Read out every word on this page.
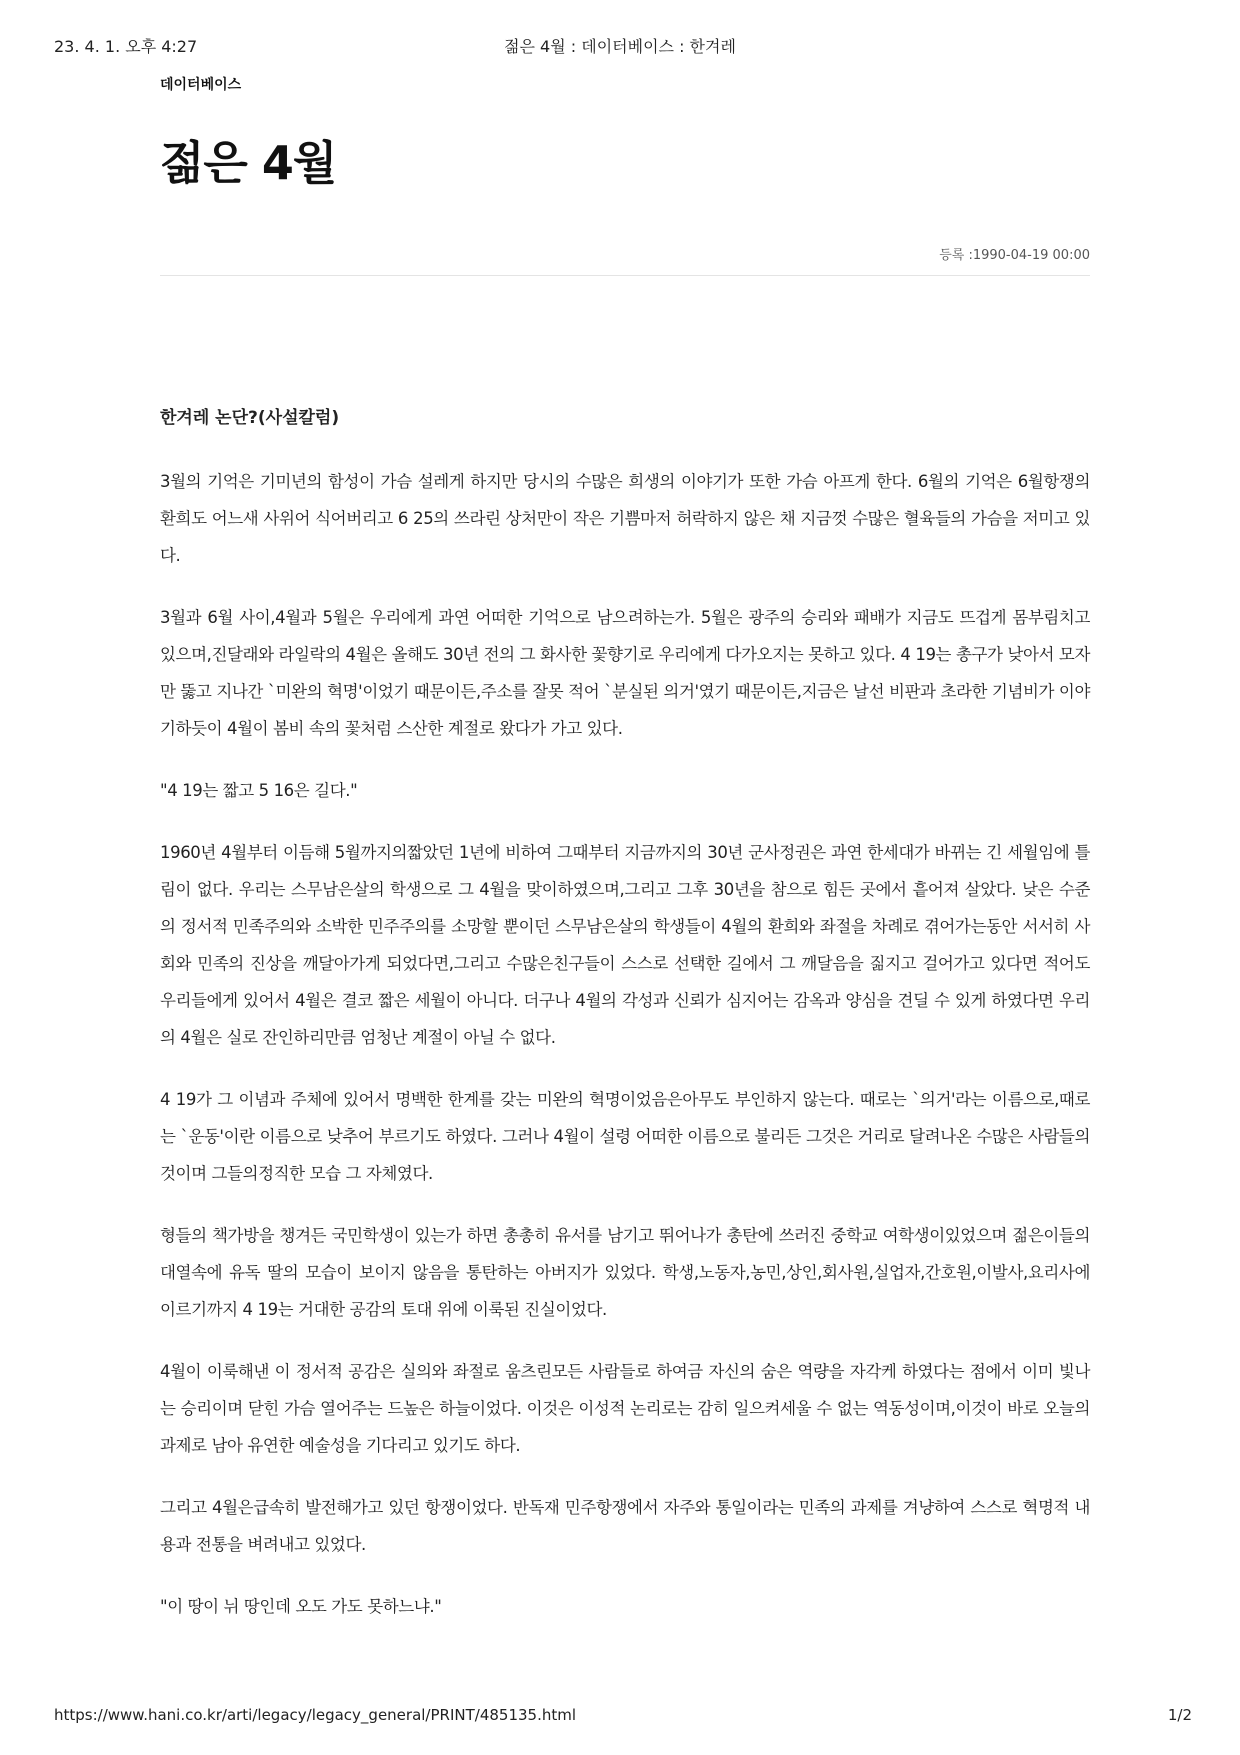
23. 4. 1. 오후 4:27	젊은 4월 : 데이터베이스 : 한겨레
데이터베이스
젊은 4월
등록 :1990-04-19 00:00

한겨레 논단?(사설칼럼)

3월의 기억은 기미년의 함성이 가슴 설레게 하지만 당시의 수많은 희생의 이야기가 또한 가슴 아프게 한다. 6월의 기억은 6월항쟁의 환희도 어느새 사위어 식어버리고 6 25의 쓰라린 상처만이 작은 기쁨마저 허락하지 않은 채 지금껏 수많은 혈육들의 가슴을 저미고 있다.

3월과 6월 사이,4월과 5월은 우리에게 과연 어떠한 기억으로 남으려하는가. 5월은 광주의 승리와 패배가 지금도 뜨겁게 몸부림치고 있으며,진달래와 라일락의 4월은 올해도 30년 전의 그 화사한 꽃향기로 우리에게 다가오지는 못하고 있다. 4 19는 총구가 낮아서 모자만 뚫고 지나간 `미완의 혁명'이었기 때문이든,주소를 잘못 적어 `분실된 의거'였기 때문이든,지금은 날선 비판과 초라한 기념비가 이야기하듯이 4월이 봄비 속의 꽃처럼 스산한 계절로 왔다가 가고 있다.

"4 19는 짧고 5 16은 길다."

1960년 4월부터 이듬해 5월까지의짧았던 1년에 비하여 그때부터 지금까지의 30년 군사정권은 과연 한세대가 바뀌는 긴 세월임에 틀림이 없다. 우리는 스무남은살의 학생으로 그 4월을 맞이하였으며,그리고 그후 30년을 참으로 힘든 곳에서 흩어져 살았다. 낮은 수준의 정서적 민족주의와 소박한 민주주의를 소망할 뿐이던 스무남은살의 학생들이 4월의 환희와 좌절을 차례로 겪어가는동안 서서히 사회와 민족의 진상을 깨달아가게 되었다면,그리고 수많은친구들이 스스로 선택한 길에서 그 깨달음을 짊지고 걸어가고 있다면 적어도 우리들에게 있어서 4월은 결코 짧은 세월이 아니다. 더구나 4월의 각성과 신뢰가 심지어는 감옥과 양심을 견딜 수 있게 하였다면 우리의 4월은 실로 잔인하리만큼 엄청난 계절이 아닐 수 없다.

4 19가 그 이념과 주체에 있어서 명백한 한계를 갖는 미완의 혁명이었음은아무도 부인하지 않는다. 때로는 `의거'라는 이름으로,때로는 `운동'이란 이름으로 낮추어 부르기도 하였다. 그러나 4월이 설령 어떠한 이름으로 불리든 그것은 거리로 달려나온 수많은 사람들의 것이며 그들의정직한 모습 그 자체였다.

형들의 책가방을 챙겨든 국민학생이 있는가 하면 총총히 유서를 남기고 뛰어나가 총탄에 쓰러진 중학교 여학생이있었으며 젊은이들의 대열속에 유독 딸의 모습이 보이지 않음을 통탄하는 아버지가 있었다. 학생,노동자,농민,상인,회사원,실업자,간호원,이발사,요리사에 이르기까지 4 19는 거대한 공감의 토대 위에 이룩된 진실이었다.

4월이 이룩해낸 이 정서적 공감은 실의와 좌절로 움츠린모든 사람들로 하여금 자신의 숨은 역량을 자각케 하였다는 점에서 이미 빛나는 승리이며 닫힌 가슴 열어주는 드높은 하늘이었다. 이것은 이성적 논리로는 감히 일으켜세울 수 없는 역동성이며,이것이 바로 오늘의과제로 남아 유연한 예술성을 기다리고 있기도 하다.

그리고 4월은급속히 발전해가고 있던 항쟁이었다. 반독재 민주항쟁에서 자주와 통일이라는 민족의 과제를 겨냥하여 스스로 혁명적 내용과 전통을 벼려내고 있었다.

"이 땅이 뉘 땅인데 오도 가도 못하느냐."

https://www.hani.co.kr/arti/legacy/legacy_general/PRINT/485135.html	1/2
